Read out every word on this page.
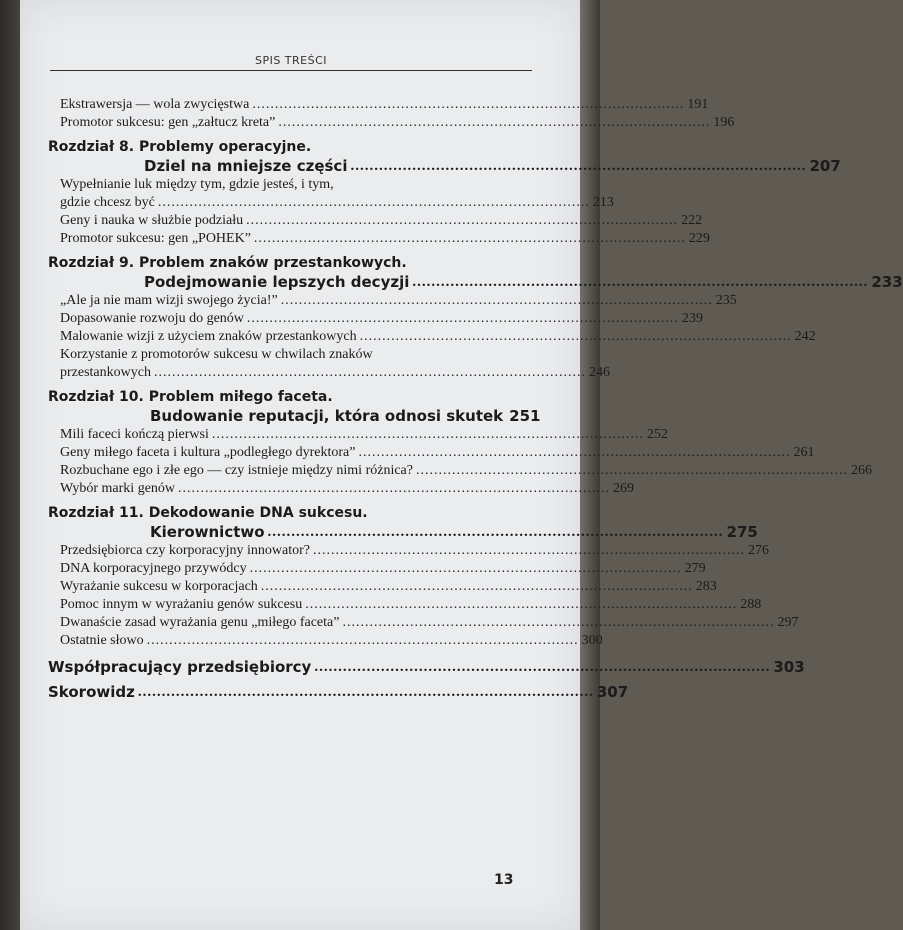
SPIS TREŚCI
Ekstrawersja — wola zwycięstwa ................................................................................................ 191
Promotor sukcesu: gen „załtucz kreta” ................................................................................................ 196
Rozdział 8. Problemy operacyjne.
Dziel na mniejsze części ................................................................................................ 207
Wypełnianie luk między tym, gdzie jesteś, i tym,
gdzie chcesz być ................................................................................................ 213
Geny i nauka w służbie podziału ................................................................................................ 222
Promotor sukcesu: gen „POHEK” ................................................................................................ 229
Rozdział 9. Problem znaków przestankowych.
Podejmowanie lepszych decyzji ................................................................................................ 233
„Ale ja nie mam wizji swojego życia!” ................................................................................................ 235
Dopasowanie rozwoju do genów ................................................................................................ 239
Malowanie wizji z użyciem znaków przestankowych ................................................................................................ 242
Korzystanie z promotorów sukcesu w chwilach znaków
przestankowych ................................................................................................ 246
Rozdział 10. Problem miłego faceta.
Budowanie reputacji, która odnosi skutek 251
Mili faceci kończą pierwsi ................................................................................................ 252
Geny miłego faceta i kultura „podległego dyrektora” ................................................................................................ 261
Rozbuchane ego i złe ego — czy istnieje między nimi różnica? ................................................................................................ 266
Wybór marki genów ................................................................................................ 269
Rozdział 11. Dekodowanie DNA sukcesu.
Kierownictwo ................................................................................................ 275
Przedsiębiorca czy korporacyjny innowator? ................................................................................................ 276
DNA korporacyjnego przywódcy ................................................................................................ 279
Wyrażanie sukcesu w korporacjach ................................................................................................ 283
Pomoc innym w wyrażaniu genów sukcesu ................................................................................................ 288
Dwanaście zasad wyrażania genu „miłego faceta” ................................................................................................ 297
Ostatnie słowo ................................................................................................ 300
Współpracujący przedsiębiorcy ................................................................................................ 303
Skorowidz ................................................................................................ 307
13
